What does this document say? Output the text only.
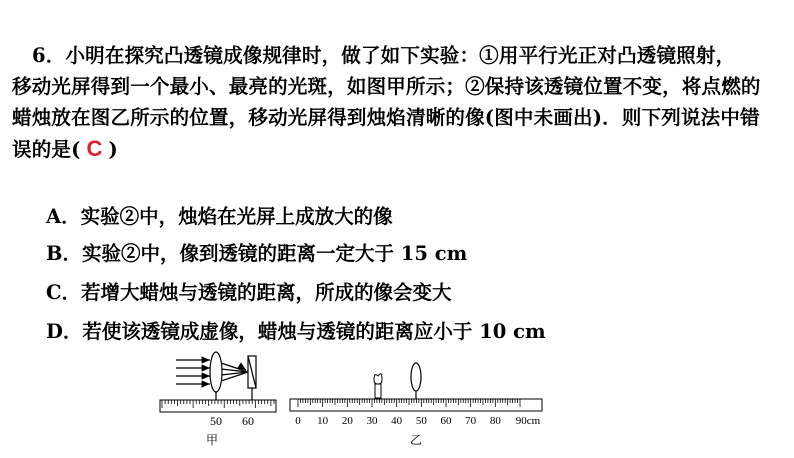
6．小明在探究凸透镜成像规律时，做了如下实验：①用平行光正对凸透镜照射，
移动光屏得到一个最小、最亮的光斑，如图甲所示；②保持该透镜位置不变，将点燃的
蜡烛放在图乙所示的位置，移动光屏得到烛焰清晰的像(图中未画出)．则下列说法中错
误的是( C )
A．实验②中，烛焰在光屏上成放大的像
B．实验②中，像到透镜的距离一定大于 15 cm
C．若增大蜡烛与透镜的距离，所成的像会变大
D．若使该透镜成虚像，蜡烛与透镜的距离应小于 10 cm
50 60
甲
0 10 20 30 40 50 60 70 80 90cm
乙
